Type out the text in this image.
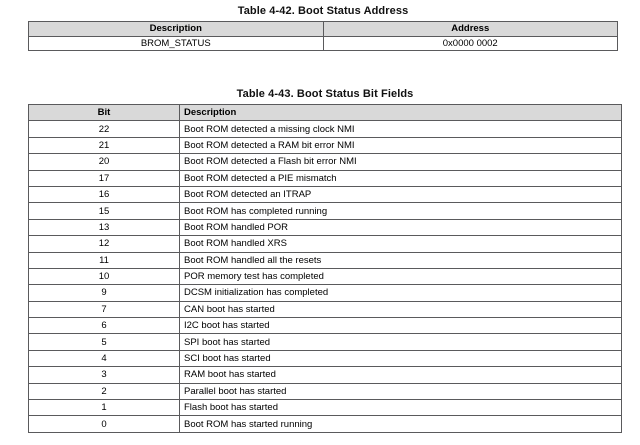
Table 4-42. Boot Status Address
Description	Address
BROM_STATUS	0x0000 0002
Table 4-43. Boot Status Bit Fields
Bit	Description
22	Boot ROM detected a missing clock NMI
21	Boot ROM detected a RAM bit error NMI
20	Boot ROM detected a Flash bit error NMI
17	Boot ROM detected a PIE mismatch
16	Boot ROM detected an ITRAP
15	Boot ROM has completed running
13	Boot ROM handled POR
12	Boot ROM handled XRS
11	Boot ROM handled all the resets
10	POR memory test has completed
9	DCSM initialization has completed
7	CAN boot has started
6	I2C boot has started
5	SPI boot has started
4	SCI boot has started
3	RAM boot has started
2	Parallel boot has started
1	Flash boot has started
0	Boot ROM has started running
